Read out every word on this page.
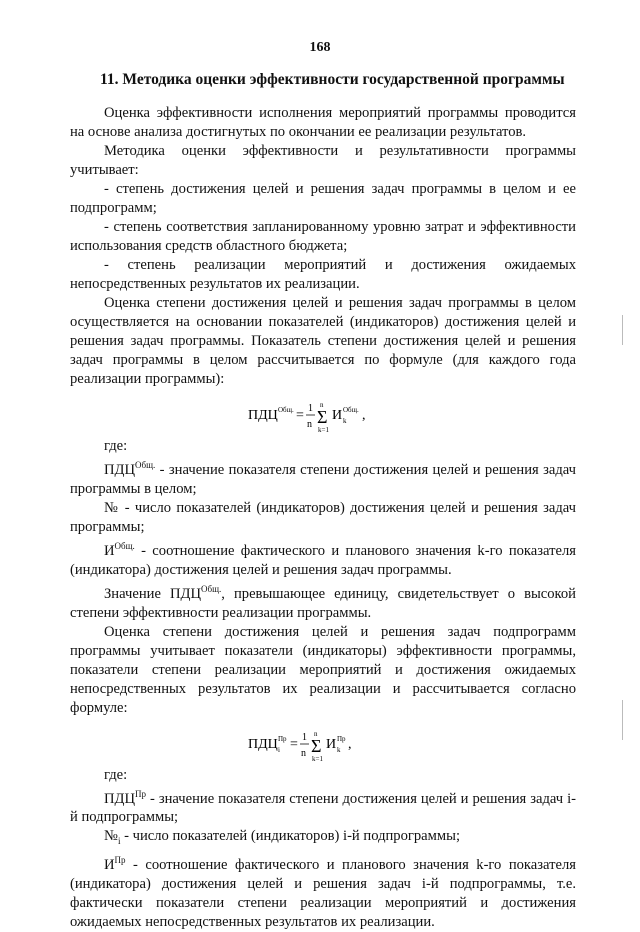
168
11. Методика оценки эффективности государственной программы

Оценка эффективности исполнения мероприятий программы проводится на основе анализа достигнутых по окончании ее реализации результатов.

Методика оценки эффективности и результативности программы учитывает:

- степень достижения целей и решения задач программы в целом и ее подпрограмм;

- степень соответствия запланированному уровню затрат и эффективности использования средств областного бюджета;

- степень реализации мероприятий и достижения ожидаемых непосредственных результатов их реализации.

Оценка степени достижения целей и решения задач программы в целом осуществляется на основании показателей (индикаторов) достижения целей и решения задач программы. Показатель степени достижения целей и решения задач программы в целом рассчитывается по формуле (для каждого года реализации программы):

ПДЦ Общ. = 1
n
n
Σ
k=1
И Общ.
k ,

где:

$ПДЦ^{Общ.}$ - значение показателя степени достижения целей и решения задач программы в целом;

№ - число показателей (индикаторов) достижения целей и решения задач программы;

$И^{Общ.}$ - соотношение фактического и планового значения k-го показателя (индикатора) достижения целей и решения задач программы.

Значение $ПДЦ^{Общ.}$, превышающее единицу, свидетельствует о высокой степени эффективности реализации программы.

Оценка степени достижения целей и решения задач подпрограмм программы учитывает показатели (индикаторы) эффективности программы, показатели степени реализации мероприятий и достижения ожидаемых непосредственных результатов их реализации и рассчитывается согласно формуле:

ПДЦ Пр
i = 1
n
n
Σ
k=1
И Пр
k ,

где:

$ПДЦ^{Пр}$ - значение показателя степени достижения целей и решения задач i-й подпрограммы;

$№_i$ - число показателей (индикаторов) i-й подпрограммы;

$И^{Пр}$ - соотношение фактического и планового значения k-го показателя (индикатора) достижения целей и решения задач i-й подпрограммы, т.е. фактически показатели степени реализации мероприятий и достижения ожидаемых непосредственных результатов их реализации.
